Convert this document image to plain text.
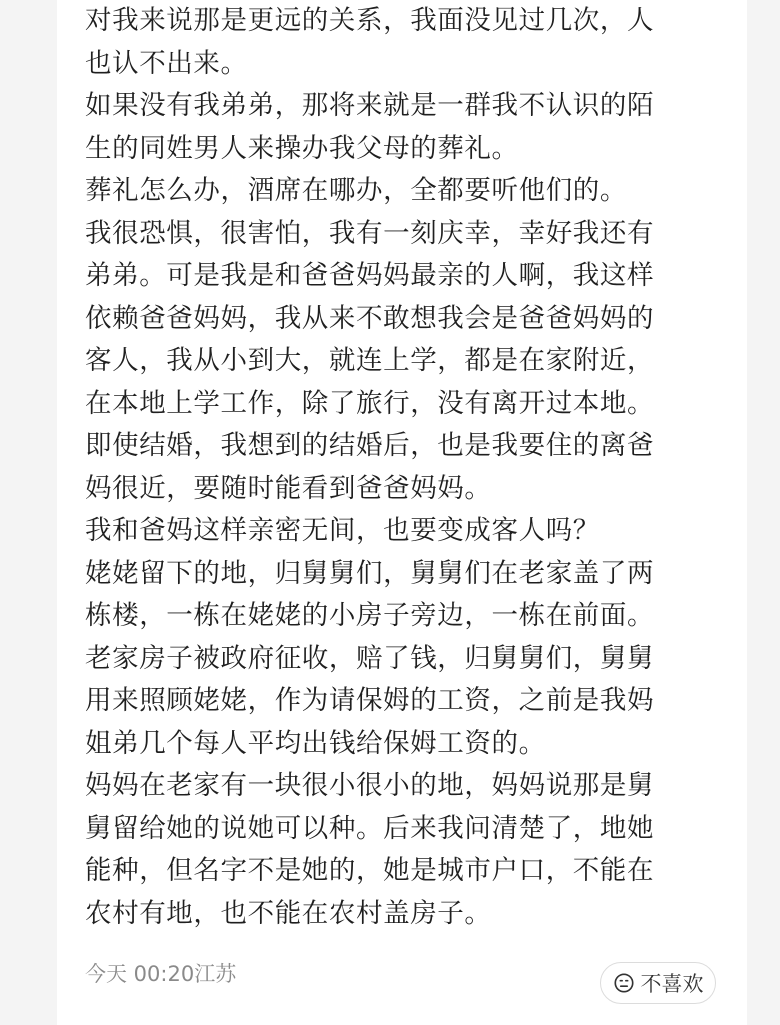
对我来说那是更远的关系，我面没见过几次，人
也认不出来。
如果没有我弟弟，那将来就是一群我不认识的陌
生的同姓男人来操办我父母的葬礼。
葬礼怎么办，酒席在哪办，全都要听他们的。
我很恐惧，很害怕，我有一刻庆幸，幸好我还有
弟弟。可是我是和爸爸妈妈最亲的人啊，我这样
依赖爸爸妈妈，我从来不敢想我会是爸爸妈妈的
客人，我从小到大，就连上学，都是在家附近，
在本地上学工作，除了旅行，没有离开过本地。
即使结婚，我想到的结婚后，也是我要住的离爸
妈很近，要随时能看到爸爸妈妈。
我和爸妈这样亲密无间，也要变成客人吗？
姥姥留下的地，归舅舅们，舅舅们在老家盖了两
栋楼，一栋在姥姥的小房子旁边，一栋在前面。
老家房子被政府征收，赔了钱，归舅舅们，舅舅
用来照顾姥姥，作为请保姆的工资，之前是我妈
姐弟几个每人平均出钱给保姆工资的。
妈妈在老家有一块很小很小的地，妈妈说那是舅
舅留给她的说她可以种。后来我问清楚了，地她
能种，但名字不是她的，她是城市户口，不能在
农村有地，也不能在农村盖房子。
今天 00:20江苏	不喜欢
